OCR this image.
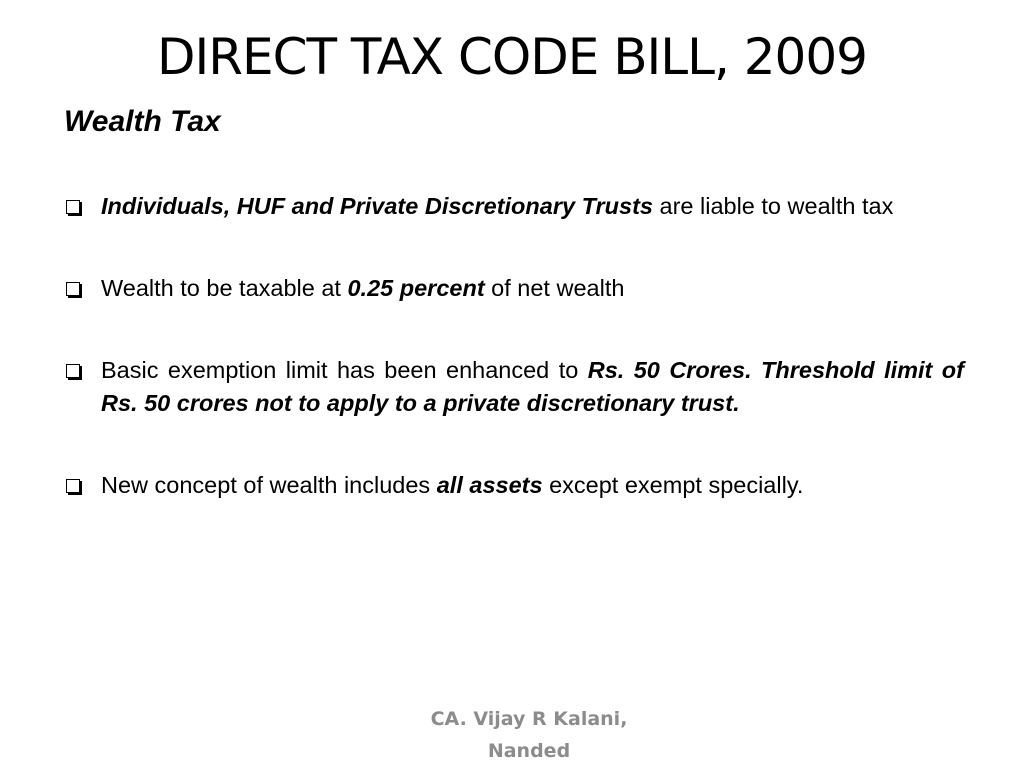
DIRECT TAX CODE BILL, 2009
Wealth Tax
Individuals, HUF and Private Discretionary Trusts are liable to wealth tax
Wealth to be taxable at 0.25 percent of net wealth
Basic exemption limit has been enhanced to Rs. 50 Crores. Threshold limit of Rs. 50 crores not to apply to a private discretionary trust.
New concept of wealth includes all assets except exempt specially.
CA. Vijay R Kalani,
Nanded
